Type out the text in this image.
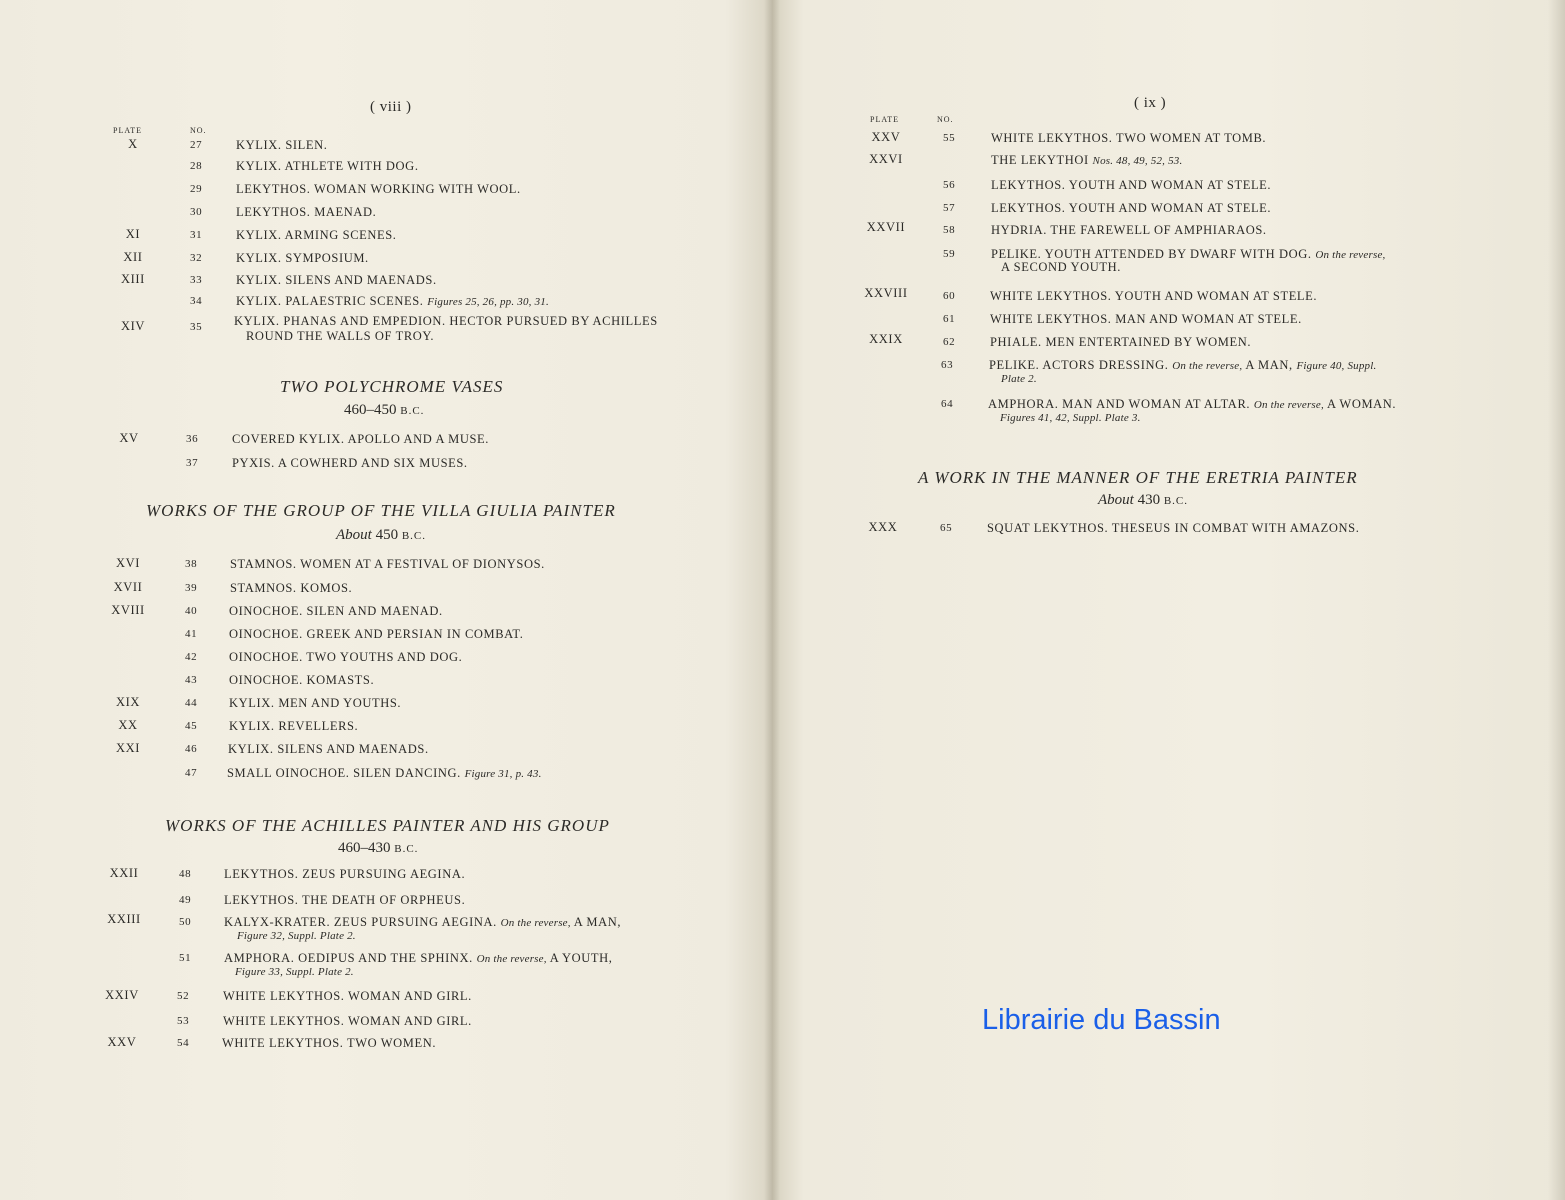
( viii )
PLATE	NO.
X	27	KYLIX. SILEN.
28	KYLIX. ATHLETE WITH DOG.
29	LEKYTHOS. WOMAN WORKING WITH WOOL.
30	LEKYTHOS. MAENAD.
XI	31	KYLIX. ARMING SCENES.
XII	32	KYLIX. SYMPOSIUM.
XIII	33	KYLIX. SILENS AND MAENADS.
34	KYLIX. PALAESTRIC SCENES. Figures 25, 26, pp. 30, 31.
XIV	35	KYLIX. PHANAS AND EMPEDION. HECTOR PURSUED BY ACHILLES
ROUND THE WALLS OF TROY.
TWO POLYCHROME VASES
460–450 B.C.
XV	36	COVERED KYLIX. APOLLO AND A MUSE.
37	PYXIS. A COWHERD AND SIX MUSES.
WORKS OF THE GROUP OF THE VILLA GIULIA PAINTER
About 450 B.C.
XVI	38	STAMNOS. WOMEN AT A FESTIVAL OF DIONYSOS.
XVII	39	STAMNOS. KOMOS.
XVIII	40	OINOCHOE. SILEN AND MAENAD.
41	OINOCHOE. GREEK AND PERSIAN IN COMBAT.
42	OINOCHOE. TWO YOUTHS AND DOG.
43	OINOCHOE. KOMASTS.
XIX	44	KYLIX. MEN AND YOUTHS.
XX	45	KYLIX. REVELLERS.
XXI	46 KYLIX. SILENS AND MAENADS.
47 SMALL OINOCHOE. SILEN DANCING. Figure 31, p. 43.
WORKS OF THE ACHILLES PAINTER AND HIS GROUP
460–430 B.C.
XXII	48	LEKYTHOS. ZEUS PURSUING AEGINA.
49	LEKYTHOS. THE DEATH OF ORPHEUS.
XXIII	50	KALYX-KRATER. ZEUS PURSUING AEGINA. On the reverse, A MAN,
Figure 32, Suppl. Plate 2.
51	AMPHORA. OEDIPUS AND THE SPHINX. On the reverse, A YOUTH,
Figure 33, Suppl. Plate 2.
XXIV	52	WHITE LEKYTHOS. WOMAN AND GIRL.
53	WHITE LEKYTHOS. WOMAN AND GIRL.
XXV	54	WHITE LEKYTHOS. TWO WOMEN.
( ix )
PLATE	NO.
XXV	55	WHITE LEKYTHOS. TWO WOMEN AT TOMB.
XXVI	THE LEKYTHOI Nos. 48, 49, 52, 53.
56	LEKYTHOS. YOUTH AND WOMAN AT STELE.
57	LEKYTHOS. YOUTH AND WOMAN AT STELE.
XXVII	58	HYDRIA. THE FAREWELL OF AMPHIARAOS.
59	PELIKE. YOUTH ATTENDED BY DWARF WITH DOG. On the reverse,
A SECOND YOUTH.
XXVIII	60	WHITE LEKYTHOS. YOUTH AND WOMAN AT STELE.
61	WHITE LEKYTHOS. MAN AND WOMAN AT STELE.
XXIX	62	PHIALE. MEN ENTERTAINED BY WOMEN.
63	PELIKE. ACTORS DRESSING. On the reverse, A MAN, Figure 40, Suppl.
Plate 2.
64	AMPHORA. MAN AND WOMAN AT ALTAR. On the reverse, A WOMAN.
Figures 41, 42, Suppl. Plate 3.
A WORK IN THE MANNER OF THE ERETRIA PAINTER
About 430 B.C.
XXX	65	SQUAT LEKYTHOS. THESEUS IN COMBAT WITH AMAZONS.
Librairie du Bassin
